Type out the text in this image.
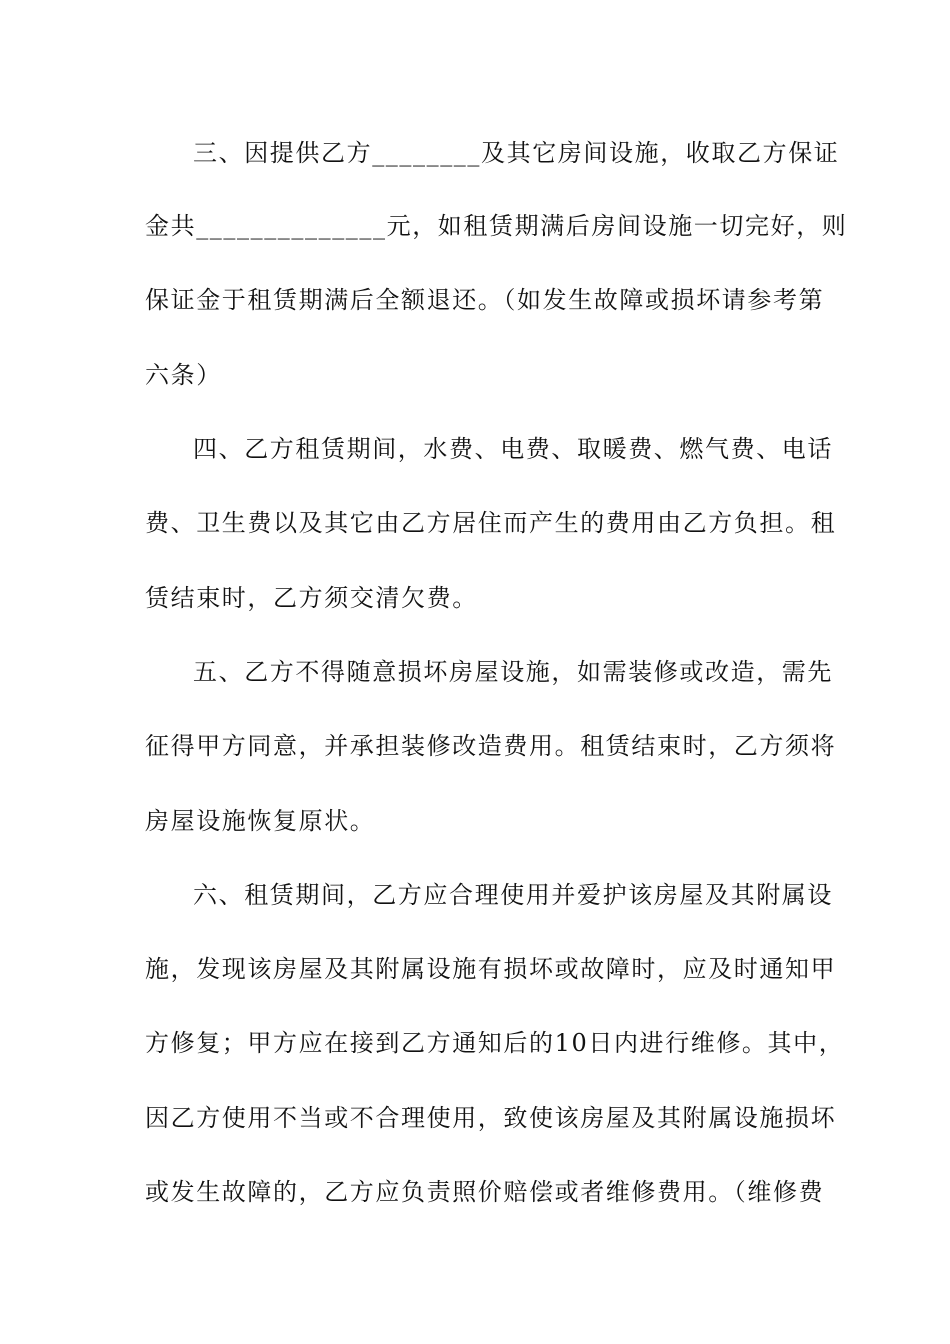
三、因提供乙方________及其它房间设施，收取乙方保证
金共______________元，如租赁期满后房间设施一切完好，则
保证金于租赁期满后全额退还。（如发生故障或损坏请参考第
六条）
四、乙方租赁期间，水费、电费、取暖费、燃气费、电话
费、卫生费以及其它由乙方居住而产生的费用由乙方负担。租
赁结束时，乙方须交清欠费。
五、乙方不得随意损坏房屋设施，如需装修或改造，需先
征得甲方同意，并承担装修改造费用。租赁结束时，乙方须将
房屋设施恢复原状。
六、租赁期间，乙方应合理使用并爱护该房屋及其附属设
施，发现该房屋及其附属设施有损坏或故障时，应及时通知甲
方修复；甲方应在接到乙方通知后的10日内进行维修。其中，
因乙方使用不当或不合理使用，致使该房屋及其附属设施损坏
或发生故障的，乙方应负责照价赔偿或者维修费用。（维修费
